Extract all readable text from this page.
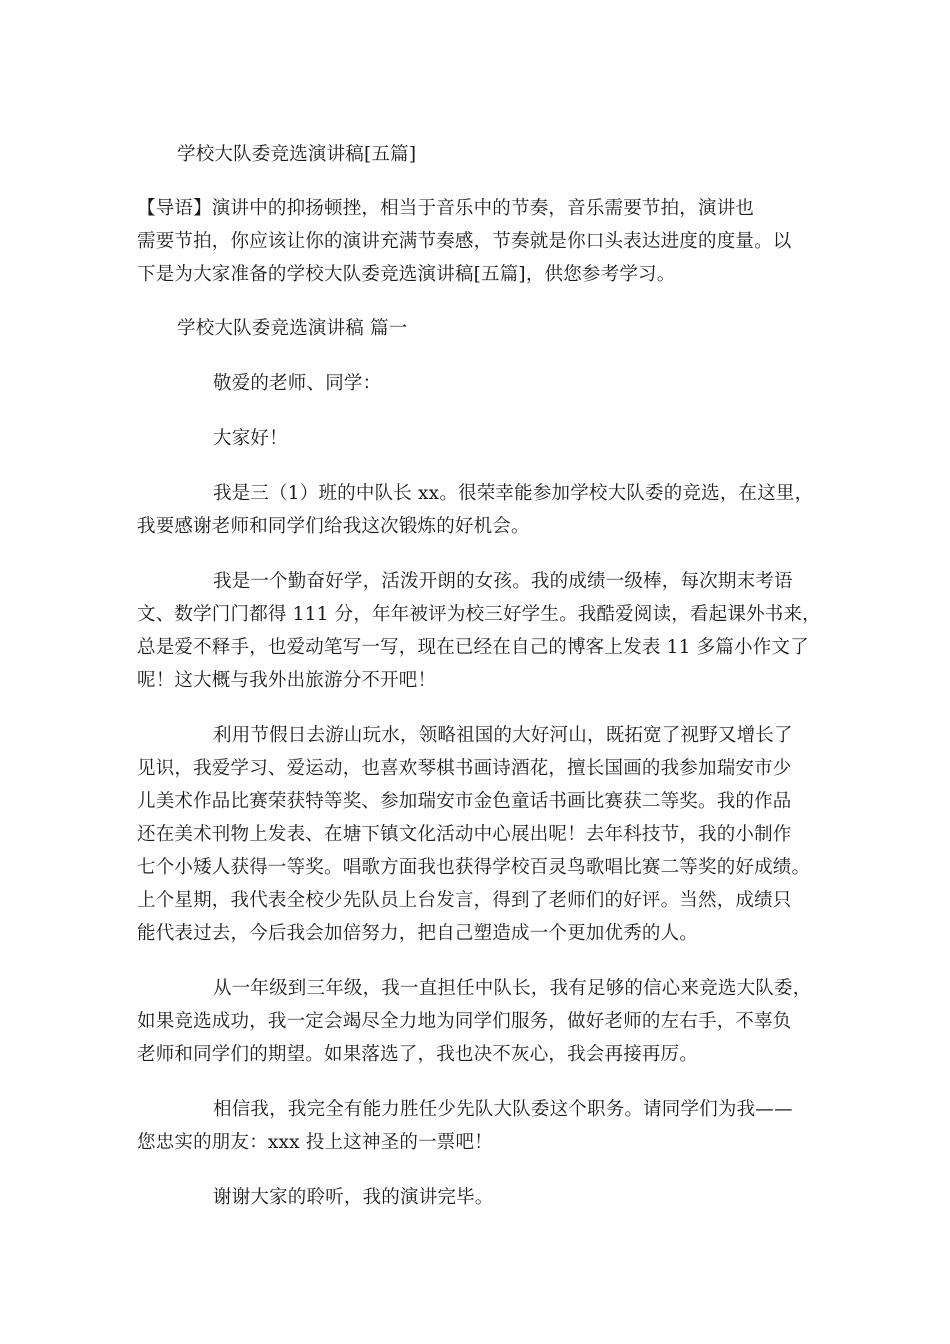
学校大队委竞选演讲稿[五篇]
【导语】演讲中的抑扬顿挫，相当于音乐中的节奏，音乐需要节拍，演讲也
需要节拍，你应该让你的演讲充满节奏感，节奏就是你口头表达进度的度量。以
下是为大家准备的学校大队委竞选演讲稿[五篇]，供您参考学习。
学校大队委竞选演讲稿 篇一
敬爱的老师、同学：
大家好！
我是三（1）班的中队长 xx。很荣幸能参加学校大队委的竞选，在这里，
我要感谢老师和同学们给我这次锻炼的好机会。
我是一个勤奋好学，活泼开朗的女孩。我的成绩一级棒，每次期末考语
文、数学门门都得 111 分，年年被评为校三好学生。我酷爱阅读，看起课外书来，
总是爱不释手，也爱动笔写一写，现在已经在自己的博客上发表 11 多篇小作文了
呢！这大概与我外出旅游分不开吧！
利用节假日去游山玩水，领略祖国的大好河山，既拓宽了视野又增长了
见识，我爱学习、爱运动，也喜欢琴棋书画诗酒花，擅长国画的我参加瑞安市少
儿美术作品比赛荣获特等奖、参加瑞安市金色童话书画比赛获二等奖。我的作品
还在美术刊物上发表、在塘下镇文化活动中心展出呢！去年科技节，我的小制作
七个小矮人获得一等奖。唱歌方面我也获得学校百灵鸟歌唱比赛二等奖的好成绩。
上个星期，我代表全校少先队员上台发言，得到了老师们的好评。当然，成绩只
能代表过去，今后我会加倍努力，把自己塑造成一个更加优秀的人。
从一年级到三年级，我一直担任中队长，我有足够的信心来竞选大队委，
如果竞选成功，我一定会竭尽全力地为同学们服务，做好老师的左右手，不辜负
老师和同学们的期望。如果落选了，我也决不灰心，我会再接再厉。
相信我，我完全有能力胜任少先队大队委这个职务。请同学们为我——
您忠实的朋友：xxx 投上这神圣的一票吧！
谢谢大家的聆听，我的演讲完毕。
